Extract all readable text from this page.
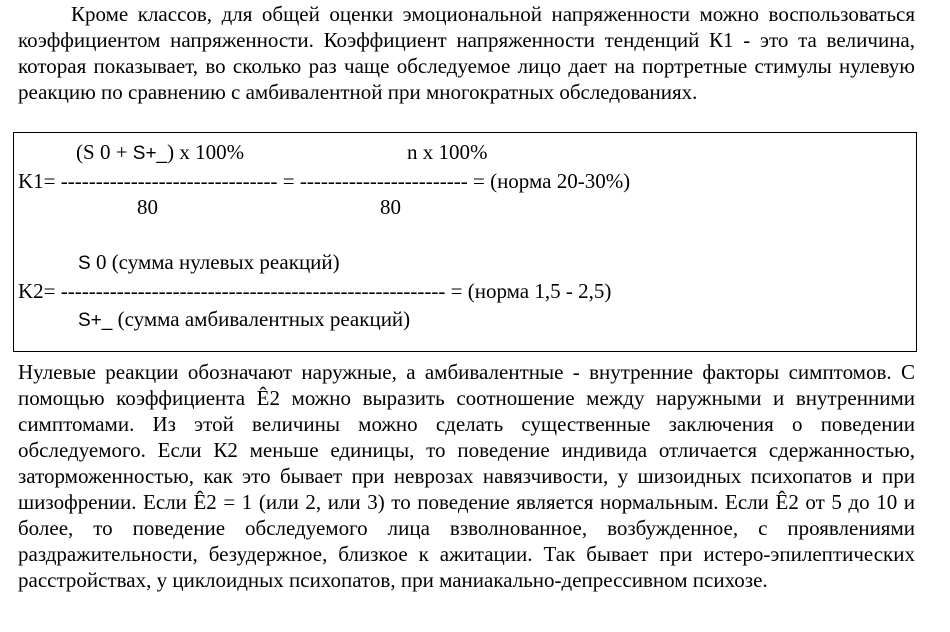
Кроме классов, для общей оценки эмоциональной напряженности можно воспользоваться коэффициентом напряженности. Коэффициент напряженности тенденций К1 - это та величина, которая показывает, во сколько раз чаще обследуемое лицо дает на портретные стимулы нулевую реакцию по сравнению с амбивалентной при многократных обследованиях.

(S 0 + S+_) x 100%	n x 100%
K1= ------------------------------- = ------------------------ = (норма 20-30%)
80	80
S 0 (сумма нулевых реакций)
K2= ------------------------------------------------------- = (норма 1,5 - 2,5)
S+_ (сумма амбивалентных реакций)

Нулевые реакции обозначают наружные, а амбивалентные - внутренние факторы симптомов. С помощью коэффициента Ê2 можно выразить соотношение между наружными и внутренними симптомами. Из этой величины можно сделать существенные заключения о поведении обследуемого. Если К2 меньше единицы, то поведение индивида отличается сдержанностью, заторможенностью, как это бывает при неврозах навязчивости, у шизоидных психопатов и при шизофрении. Если Ê2 = 1 (или 2, или 3) то поведение является нормальным. Если Ê2 от 5 до 10 и более, то поведение обследуемого лица взволнованное, возбужденное, с проявлениями раздражительности, безудержное, близкое к ажитации. Так бывает при истеро-эпилептических расстройствах, у циклоидных психопатов, при маниакально-депрессивном психозе.
